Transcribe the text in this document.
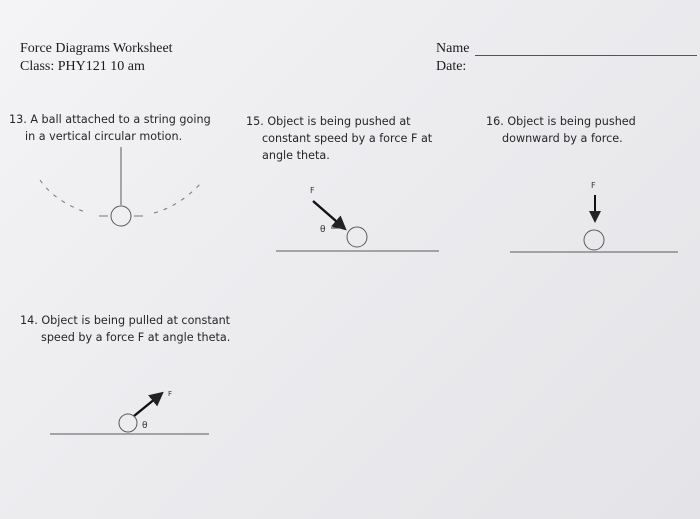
Force Diagrams Worksheet
Class: PHY121 10 am
Name
Date:
13. A ball attached to a string going
in a vertical circular motion.
15. Object is being pushed at
constant speed by a force F at
angle theta.
F
θ
16. Object is being pushed
downward by a force.
F
14. Object is being pulled at constant
speed by a force F at angle theta.
F
θ
